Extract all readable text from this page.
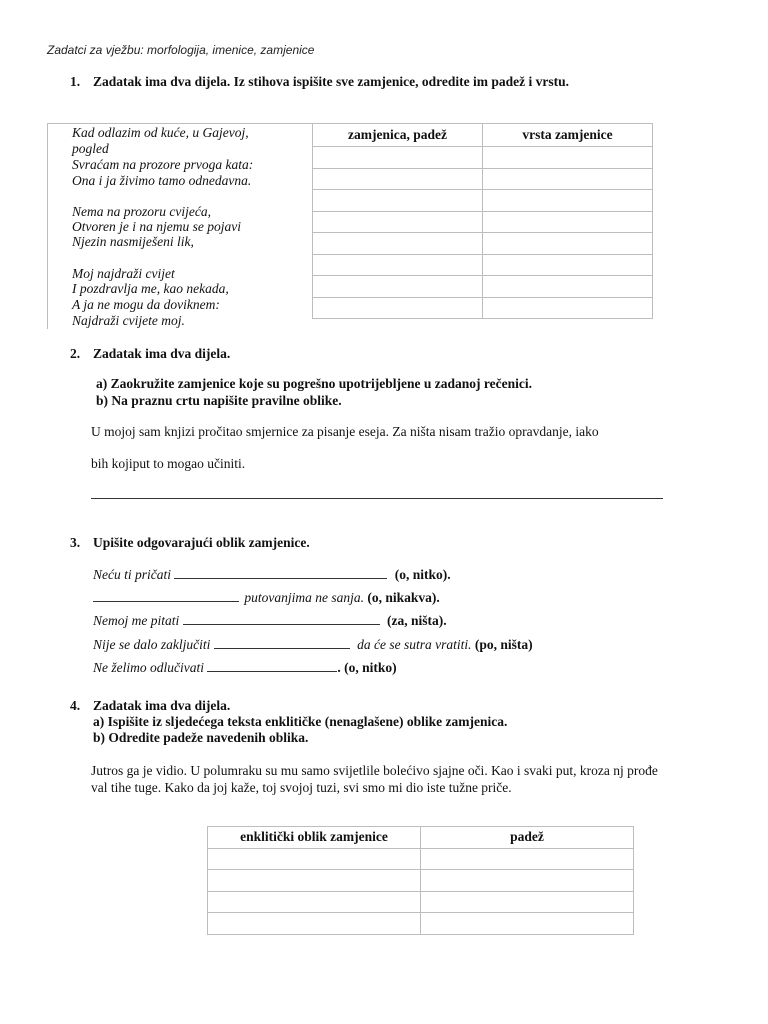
Zadatci za vježbu: morfologija, imenice, zamjenice
1. Zadatak ima dva dijela. Iz stihova ispišite sve zamjenice, odredite im padež i vrstu.
Kad odlazim od kuće, u Gajevoj,
pogled
Svraćam na prozore prvoga kata:
Ona i ja živimo tamo odnedavna.
Nema na prozoru cvijeća,
Otvoren je i na njemu se pojavi
Njezin nasmiješeni lik,
Moj najdraži cvijet
I pozdravlja me, kao nekada,
A ja ne mogu da doviknem:
Najdraži cvijete moj.
zamjenica, padež	vrsta zamjenice

2. Zadatak ima dva dijela.
a) Zaokružite zamjenice koje su pogrešno upotrijebljene u zadanoj rečenici.
b) Na praznu crtu napišite pravilne oblike.
U mojoj sam knjizi pročitao smjernice za pisanje eseja. Za ništa nisam tražio opravdanje, iako
bih kojiput to mogao učiniti.
3. Upišite odgovarajući oblik zamjenice.
Neću ti pričati	(o, nitko).
putovanjima ne sanja. (o, nikakva).
Nemoj me pitati	(za, ništa).
Nije se dalo zaključiti	da će se sutra vratiti. (po, ništa)
Ne želimo odlučivati	. (o, nitko)
4. Zadatak ima dva dijela.
a) Ispišite iz sljedećega teksta enklitičke (nenaglašene) oblike zamjenica.
b) Odredite padeže navedenih oblika.
Jutros ga je vidio. U polumraku su mu samo svijetlile bolećivo sjajne oči. Kao i svaki put, kroza nj prođe
val tihe tuge. Kako da joj kaže, toj svojoj tuzi, svi smo mi dio iste tužne priče.
enklitički oblik zamjenice	padež
